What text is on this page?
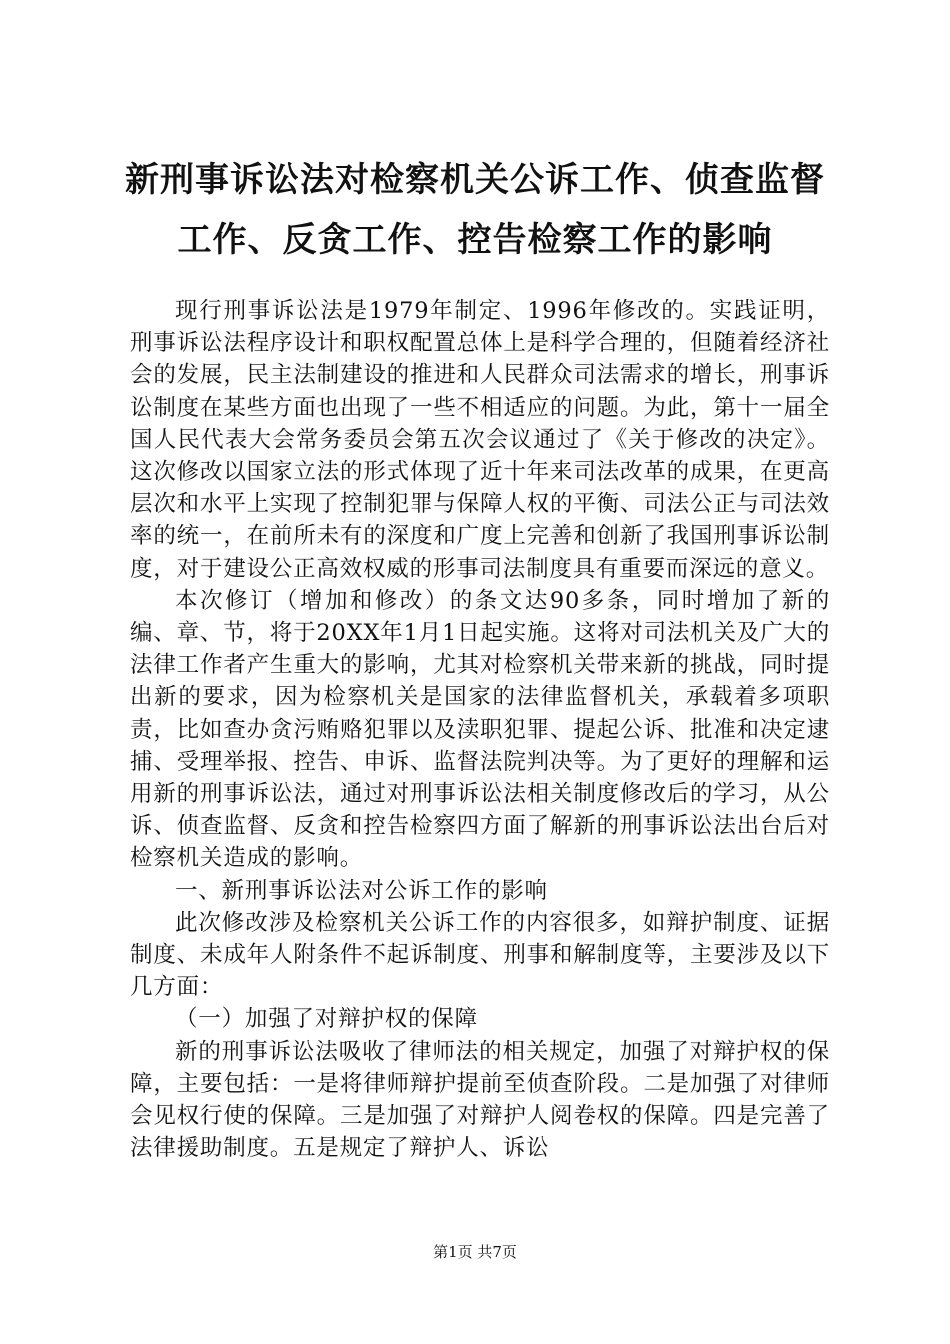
新刑事诉讼法对检察机关公诉工作、侦查监督
工作、反贪工作、控告检察工作的影响

现行刑事诉讼法是1979年制定、1996年修改的。实践证明，刑事诉讼法程序设计和职权配置总体上是科学合理的，但随着经济社会的发展，民主法制建设的推进和人民群众司法需求的增长，刑事诉讼制度在某些方面也出现了一些不相适应的问题。为此，第十一届全国人民代表大会常务委员会第五次会议通过了《关于修改的决定》。这次修改以国家立法的形式体现了近十年来司法改革的成果，在更高层次和水平上实现了控制犯罪与保障人权的平衡、司法公正与司法效率的统一，在前所未有的深度和广度上完善和创新了我国刑事诉讼制度，对于建设公正高效权威的形事司法制度具有重要而深远的意义。

本次修订（增加和修改）的条文达90多条，同时增加了新的编、章、节，将于20XX年1月1日起实施。这将对司法机关及广大的法律工作者产生重大的影响，尤其对检察机关带来新的挑战，同时提出新的要求，因为检察机关是国家的法律监督机关，承载着多项职责，比如查办贪污贿赂犯罪以及渎职犯罪、提起公诉、批准和决定逮捕、受理举报、控告、申诉、监督法院判决等。为了更好的理解和运用新的刑事诉讼法，通过对刑事诉讼法相关制度修改后的学习，从公诉、侦查监督、反贪和控告检察四方面了解新的刑事诉讼法出台后对检察机关造成的影响。

一、新刑事诉讼法对公诉工作的影响

此次修改涉及检察机关公诉工作的内容很多，如辩护制度、证据制度、未成年人附条件不起诉制度、刑事和解制度等，主要涉及以下几方面：

（一）加强了对辩护权的保障

新的刑事诉讼法吸收了律师法的相关规定，加强了对辩护权的保障，主要包括：一是将律师辩护提前至侦查阶段。二是加强了对律师会见权行使的保障。三是加强了对辩护人阅卷权的保障。四是完善了法律援助制度。五是规定了辩护人、诉讼

第1页 共7页
